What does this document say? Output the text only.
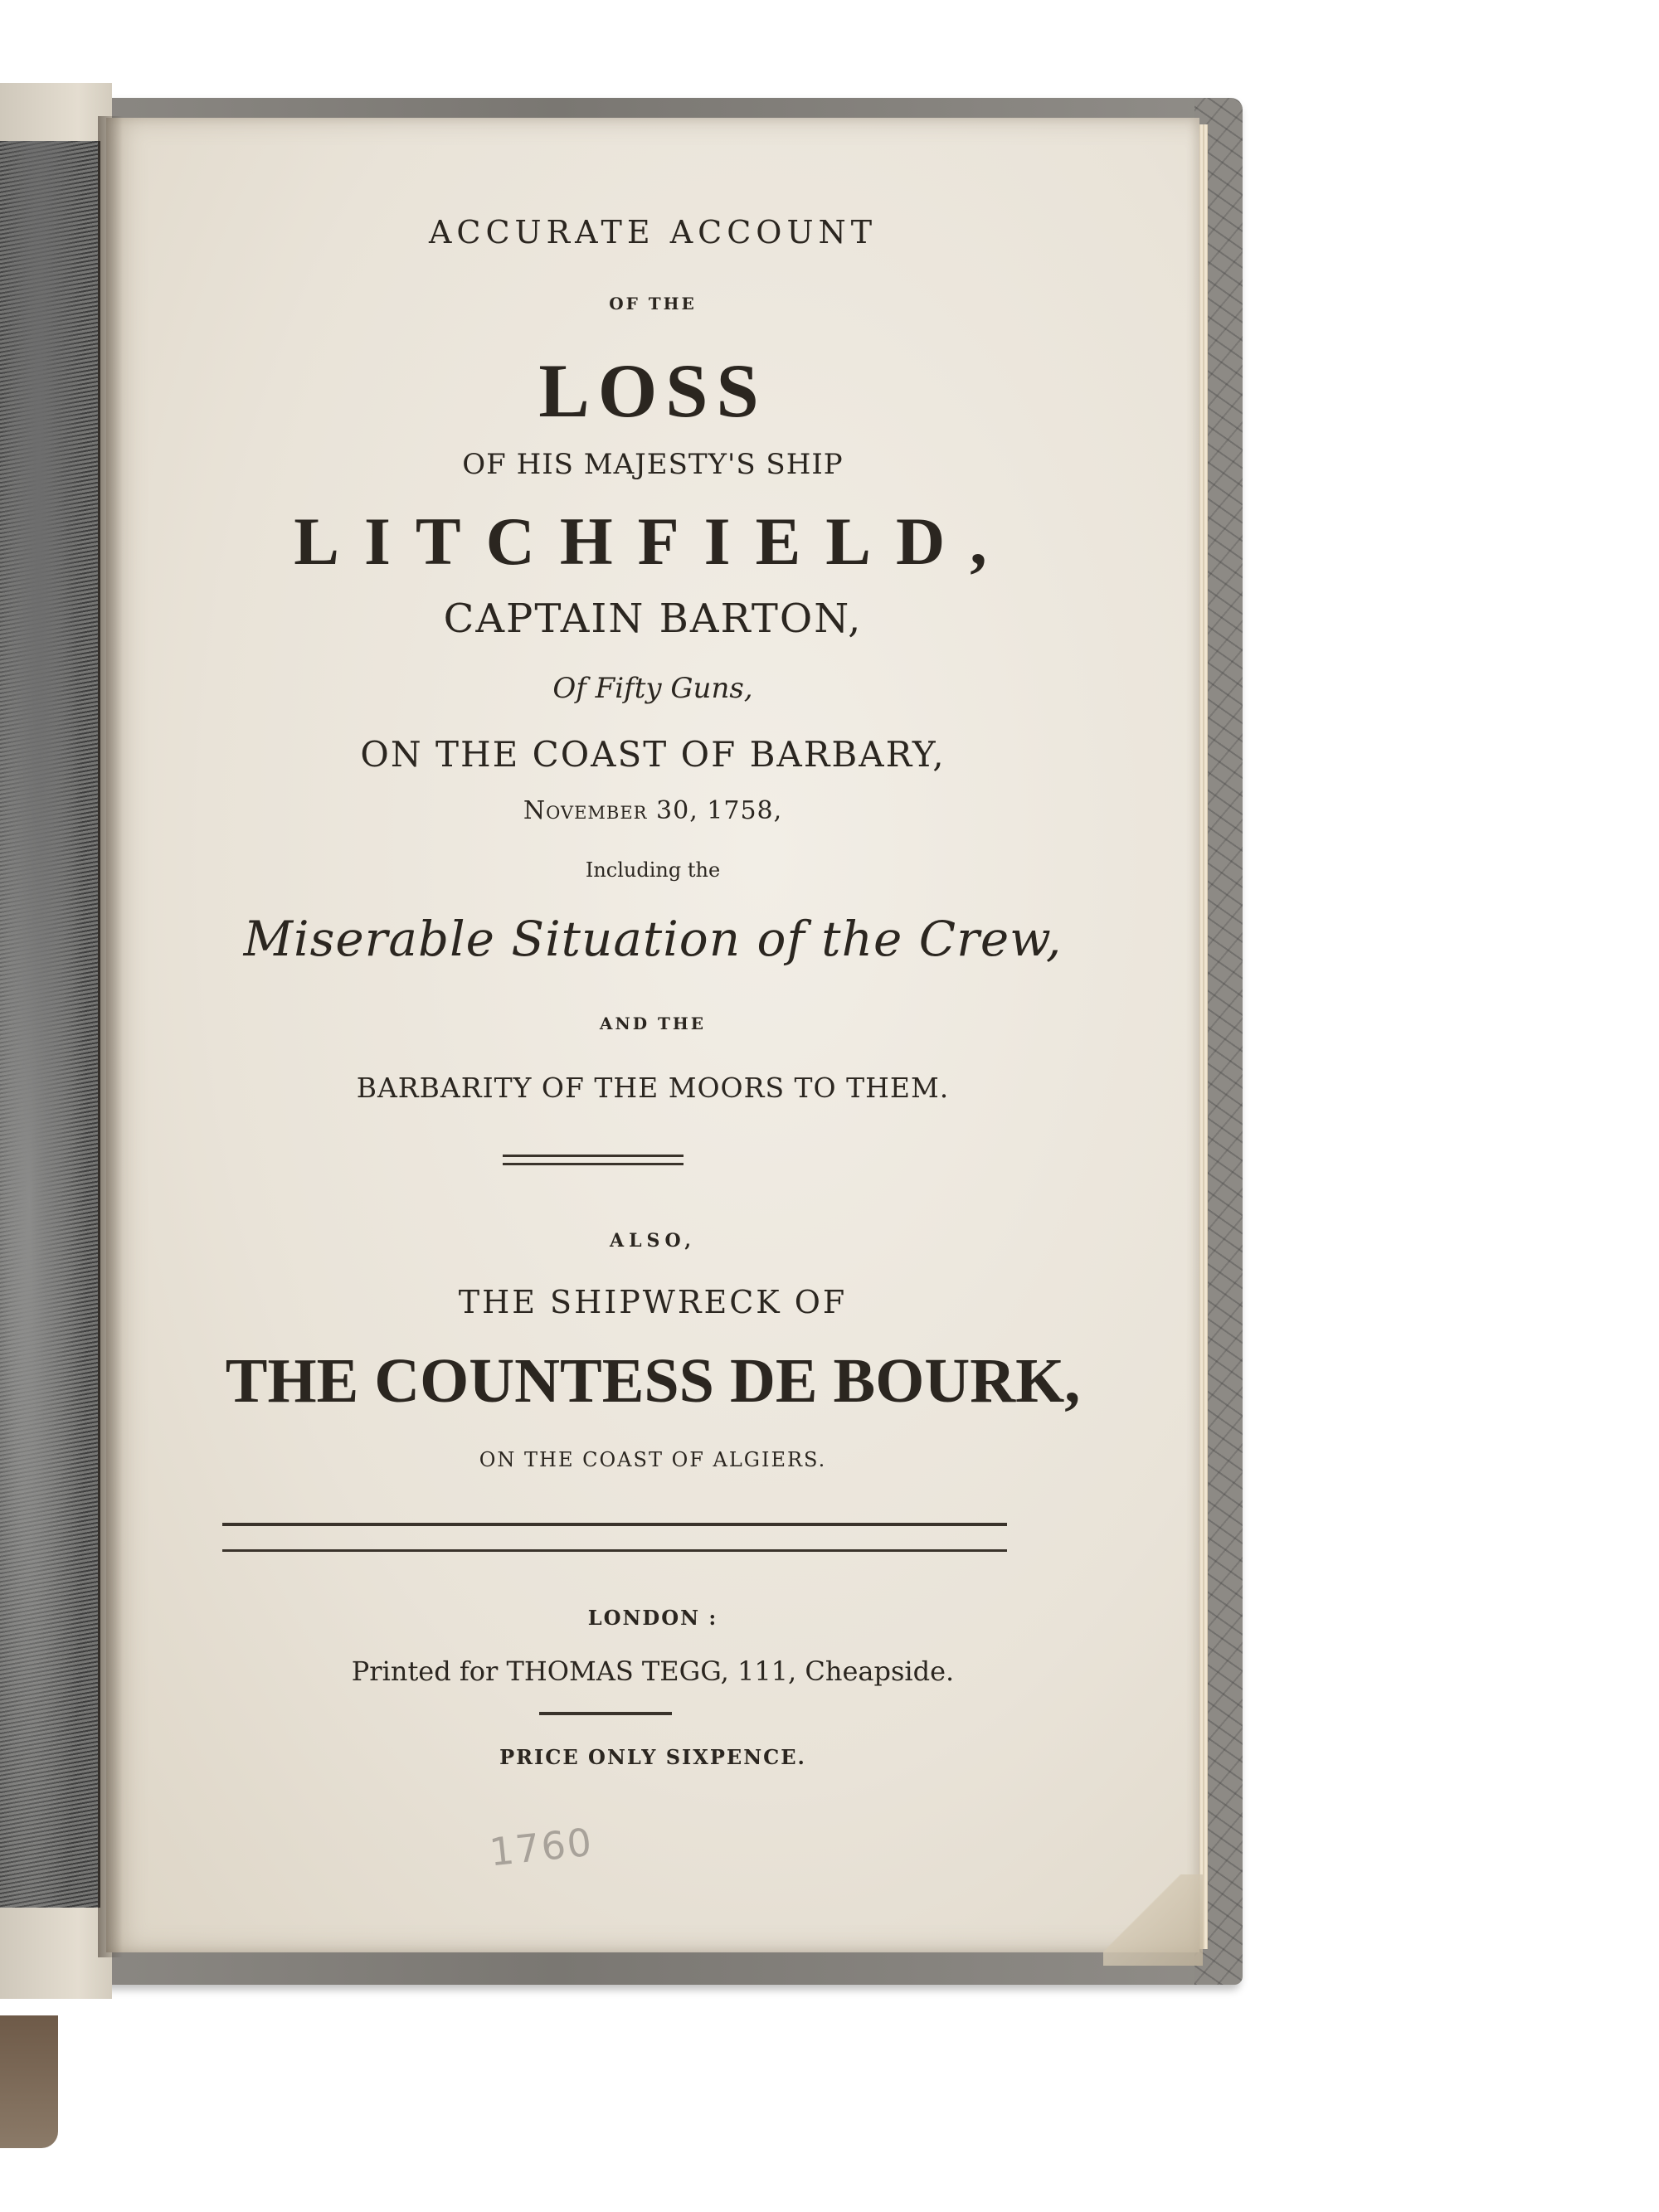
ACCURATE ACCOUNT
OF THE
LOSS
OF HIS MAJESTY'S SHIP
LITCHFIELD,
CAPTAIN BARTON,
Of Fifty Guns,
ON THE COAST OF BARBARY,
November 30, 1758,
Including the
Miserable Situation of the Crew,
AND THE
BARBARITY OF THE MOORS TO THEM.
ALSO,
THE SHIPWRECK OF
THE COUNTESS DE BOURK,
ON THE COAST OF ALGIERS.
LONDON :
Printed for THOMAS TEGG, 111, Cheapside.
PRICE ONLY SIXPENCE.
1760
